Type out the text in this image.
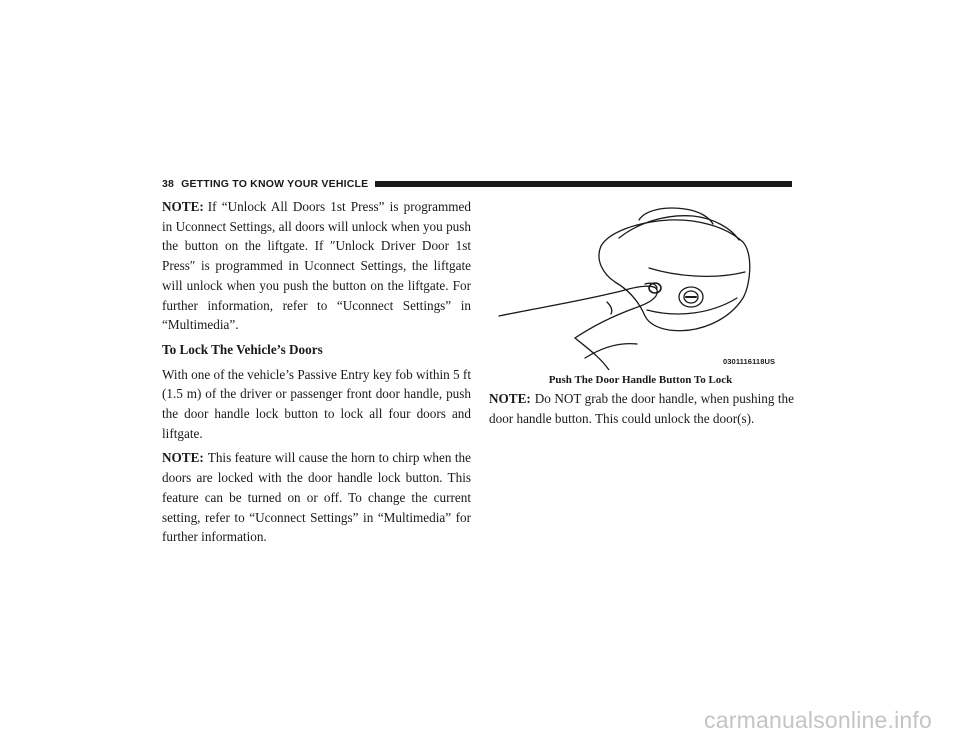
38 GETTING TO KNOW YOUR VEHICLE

NOTE: If “Unlock All Doors 1st Press” is programmed in Uconnect Settings, all doors will unlock when you push the button on the liftgate. If ″Unlock Driver Door 1st Press″ is programmed in Uconnect Settings, the liftgate will unlock when you push the button on the liftgate. For further information, refer to “Uconnect Settings” in “Multimedia”.

To Lock The Vehicle’s Doors

With one of the vehicle’s Passive Entry key fob within 5 ft (1.5 m) of the driver or passenger front door handle, push the door handle lock button to lock all four doors and liftgate.

NOTE: This feature will cause the horn to chirp when the doors are locked with the door handle lock button. This feature can be turned on or off. To change the current setting, refer to “Uconnect Settings” in “Multimedia” for further information.

0301116118US
Push The Door Handle Button To Lock

NOTE: Do NOT grab the door handle, when pushing the door handle button. This could unlock the door(s).

carmanualsonline.info
